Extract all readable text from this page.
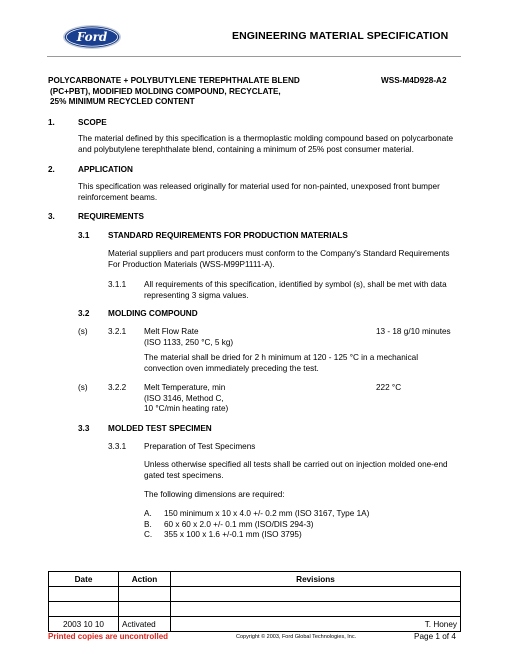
Ford	ENGINEERING MATERIAL SPECIFICATION
POLYCARBONATE + POLYBUTYLENE TEREPHTHALATE BLEND
(PC+PBT), MODIFIED MOLDING COMPOUND, RECYCLATE,
25% MINIMUM RECYCLED CONTENT
WSS-M4D928-A2
1.	SCOPE
The material defined by this specification is a thermoplastic molding compound based on polycarbonate
and polybutylene terephthalate blend, containing a minimum of 25% post consumer material.
2.	APPLICATION
This specification was released originally for material used for non-painted, unexposed front bumper
reinforcement beams.
3.	REQUIREMENTS
3.1 STANDARD REQUIREMENTS FOR PRODUCTION MATERIALS
Material suppliers and part producers must conform to the Company's Standard Requirements
For Production Materials (WSS-M99P1111-A).
3.1.1 All requirements of this specification, identified by symbol (s), shall be met with data
representing 3 sigma values.
3.2 MOLDING COMPOUND
(s) 3.2.1 Melt Flow Rate
(ISO 1133, 250 °C, 5 kg)
13 - 18 g/10 minutes
The material shall be dried for 2 h minimum at 120 - 125 °C in a mechanical
convection oven immediately preceding the test.
(s) 3.2.2 Melt Temperature, min
(ISO 3146, Method C,
10 °C/min heating rate)
222 °C
3.3 MOLDED TEST SPECIMEN
3.3.1 Preparation of Test Specimens
Unless otherwise specified all tests shall be carried out on injection molded one-end
gated test specimens.
The following dimensions are required:
A. 150 minimum x 10 x 4.0 +/- 0.2 mm (ISO 3167, Type 1A)
B. 60 x 60 x 2.0 +/- 0.1 mm (ISO/DIS 294-3)
C. 355 x 100 x 1.6 +/-0.1 mm (ISO 3795)
Date	Action	Revisions

2003 10 10	Activated	T. Honey
Printed copies are uncontrolled	Copyright © 2003, Ford Global Technologies, Inc.	Page 1 of 4
